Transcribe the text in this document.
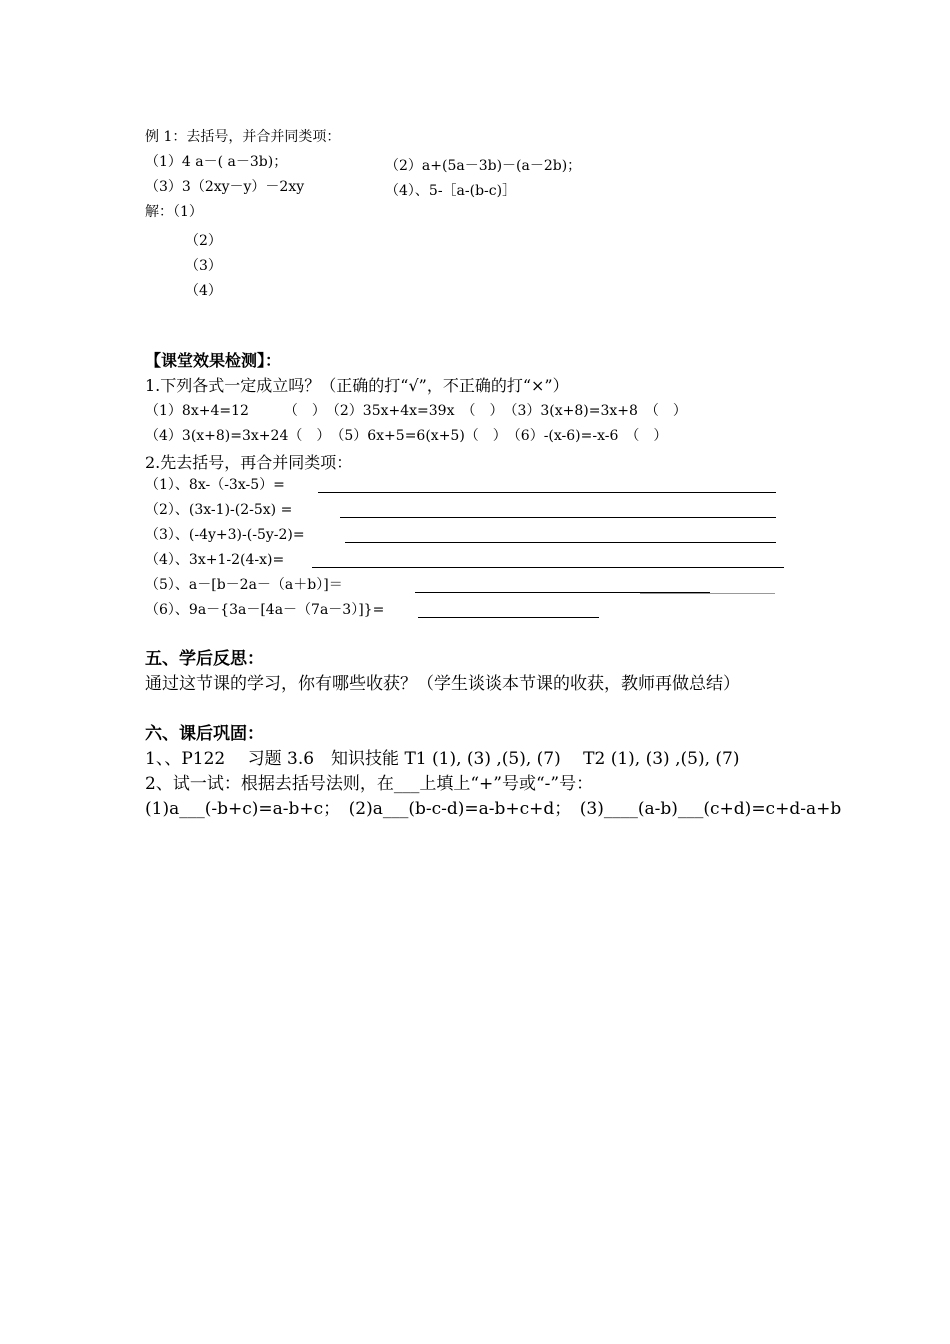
例 1：去括号，并合并同类项：
（1）4 a－( a－3b)；	（2）a+(5a－3b)－(a－2b)；
（3）3（2xy－y）－2xy	（4）、5-［a-(b-c)］
解：（1）
（2）
（3）
（4）
【课堂效果检测】：
1.下列各式一定成立吗？（正确的打“√”，不正确的打“×”）
（1）8x+4=12　　　（　）　（2）35x+4x=39x　（　）　（3）3(x+8)=3x+8　（　）
（4）3(x+8)=3x+24（　）　（5）6x+5=6(x+5)（　）　（6）-(x-6)=-x-6　（　）
2.先去括号，再合并同类项：
（1）、8x-（-3x-5）=
（2）、(3x-1)-(2-5x) =
（3）、(-4y+3)-(-5y-2)=
（4）、3x+1-2(4-x)=
（5）、a－[b－2a－（a＋b）]＝
（6）、9a－{3a－[4a－（7a－3）]}=
五、学后反思：
通过这节课的学习，你有哪些收获？（学生谈谈本节课的收获，教师再做总结）
六、课后巩固：
1、、P122　 习题 3.6　知识技能 T1 (1), (3) ,(5), (7)　 T2 (1), (3) ,(5), (7)
2、试一试：根据去括号法则，在___上填上“+”号或“-”号：
(1)a___(-b+c)=a-b+c；　(2)a___(b-c-d)=a-b+c+d；　(3)____(a-b)___(c+d)=c+d-a+b
